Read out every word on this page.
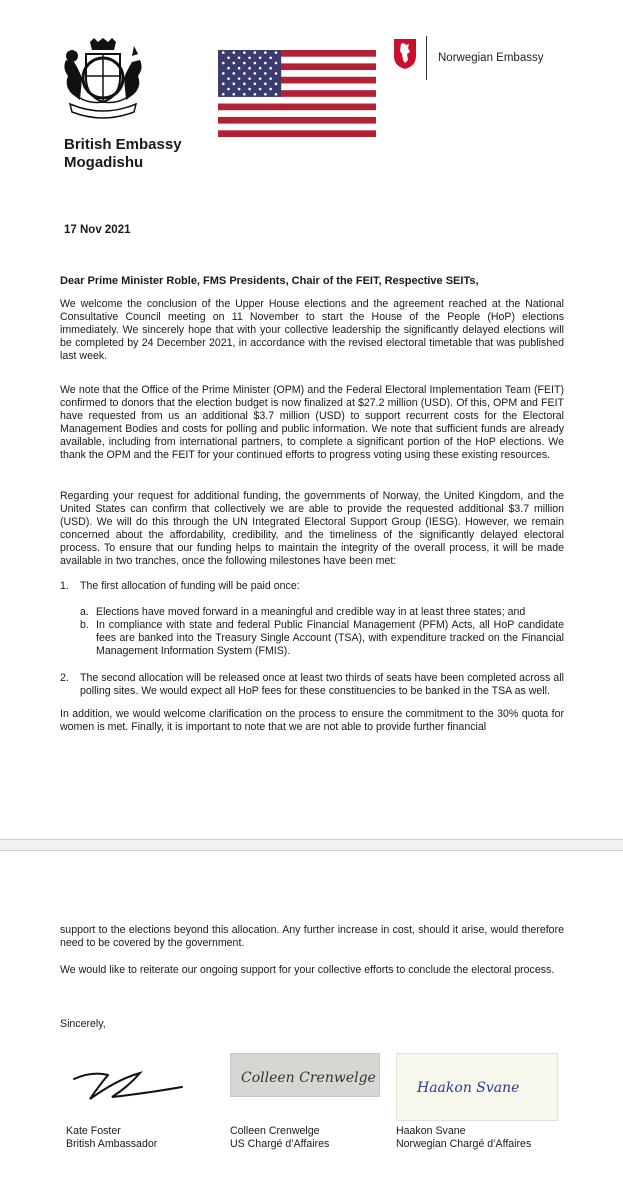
Norwegian Embassy
British Embassy
Mogadishu
17 Nov 2021
Dear Prime Minister Roble, FMS Presidents, Chair of the FEIT, Respective SEITs,
We welcome the conclusion of the Upper House elections and the agreement reached at the National Consultative Council meeting on 11 November to start the House of the People (HoP) elections immediately. We sincerely hope that with your collective leadership the significantly delayed elections will be completed by 24 December 2021, in accordance with the revised electoral timetable that was published last week.
We note that the Office of the Prime Minister (OPM) and the Federal Electoral Implementation Team (FEIT) confirmed to donors that the election budget is now finalized at $27.2 million (USD). Of this, OPM and FEIT have requested from us an additional $3.7 million (USD) to support recurrent costs for the Electoral Management Bodies and costs for polling and public information. We note that sufficient funds are already available, including from international partners, to complete a significant portion of the HoP elections. We thank the OPM and the FEIT for your continued efforts to progress voting using these existing resources.
Regarding your request for additional funding, the governments of Norway, the United Kingdom, and the United States can confirm that collectively we are able to provide the requested additional $3.7 million (USD). We will do this through the UN Integrated Electoral Support Group (IESG). However, we remain concerned about the affordability, credibility, and the timeliness of the significantly delayed electoral process. To ensure that our funding helps to maintain the integrity of the overall process, it will be made available in two tranches, once the following milestones have been met:
1. The first allocation of funding will be paid once:
a. Elections have moved forward in a meaningful and credible way in at least three states; and
b. In compliance with state and federal Public Financial Management (PFM) Acts, all HoP candidate fees are banked into the Treasury Single Account (TSA), with expenditure tracked on the Financial Management Information System (FMIS).
2. The second allocation will be released once at least two thirds of seats have been completed across all polling sites. We would expect all HoP fees for these constituencies to be banked in the TSA as well.
In addition, we would welcome clarification on the process to ensure the commitment to the 30% quota for women is met. Finally, it is important to note that we are not able to provide further financial
support to the elections beyond this allocation. Any further increase in cost, should it arise, would therefore need to be covered by the government.
We would like to reiterate our ongoing support for your collective efforts to conclude the electoral process.
Sincerely,
Colleen Crenwelge
Haakon Svane
Kate Foster
British Ambassador
Colleen Crenwelge
US Chargé d’Affaires
Haakon Svane
Norwegian Chargé d’Affaires
